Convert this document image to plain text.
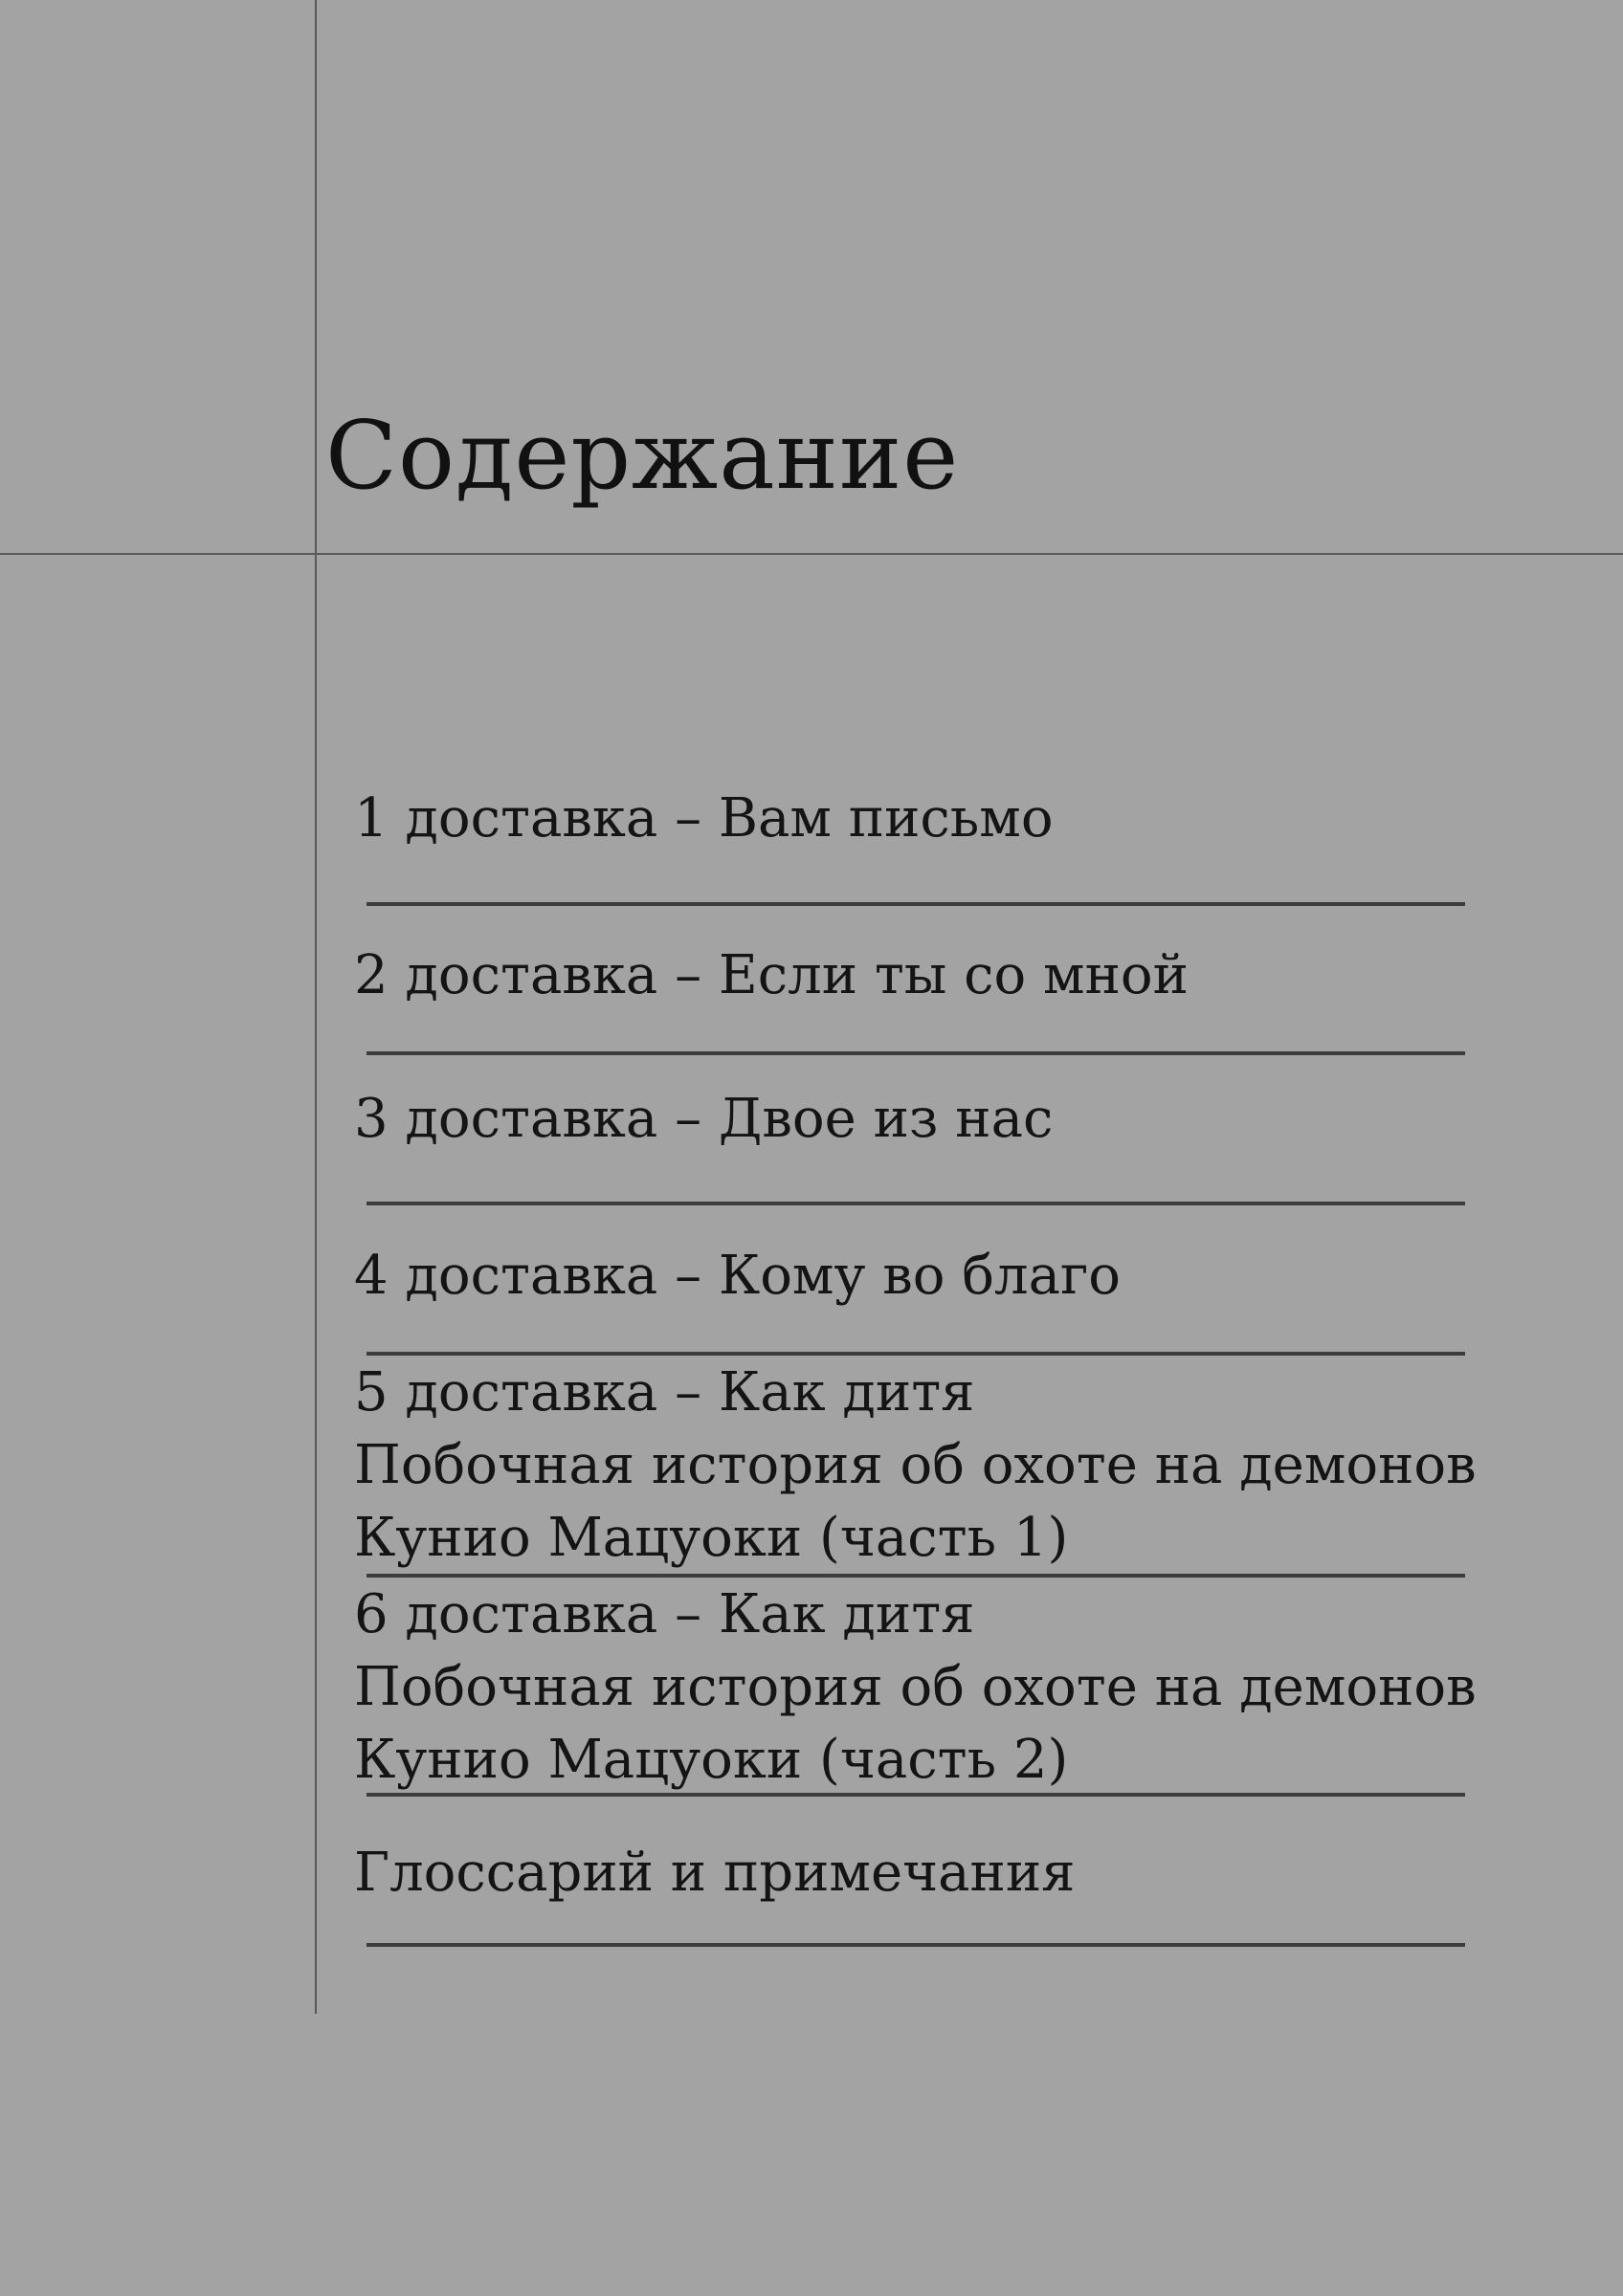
Содержание
1 доставка – Вам письмо
2 доставка – Если ты со мной
3 доставка – Двое из нас
4 доставка – Кому во благо
5 доставка – Как дитя
Побочная история об охоте на демонов
Кунио Мацуоки (часть 1)
6 доставка – Как дитя
Побочная история об охоте на демонов
Кунио Мацуоки (часть 2)
Глоссарий и примечания
